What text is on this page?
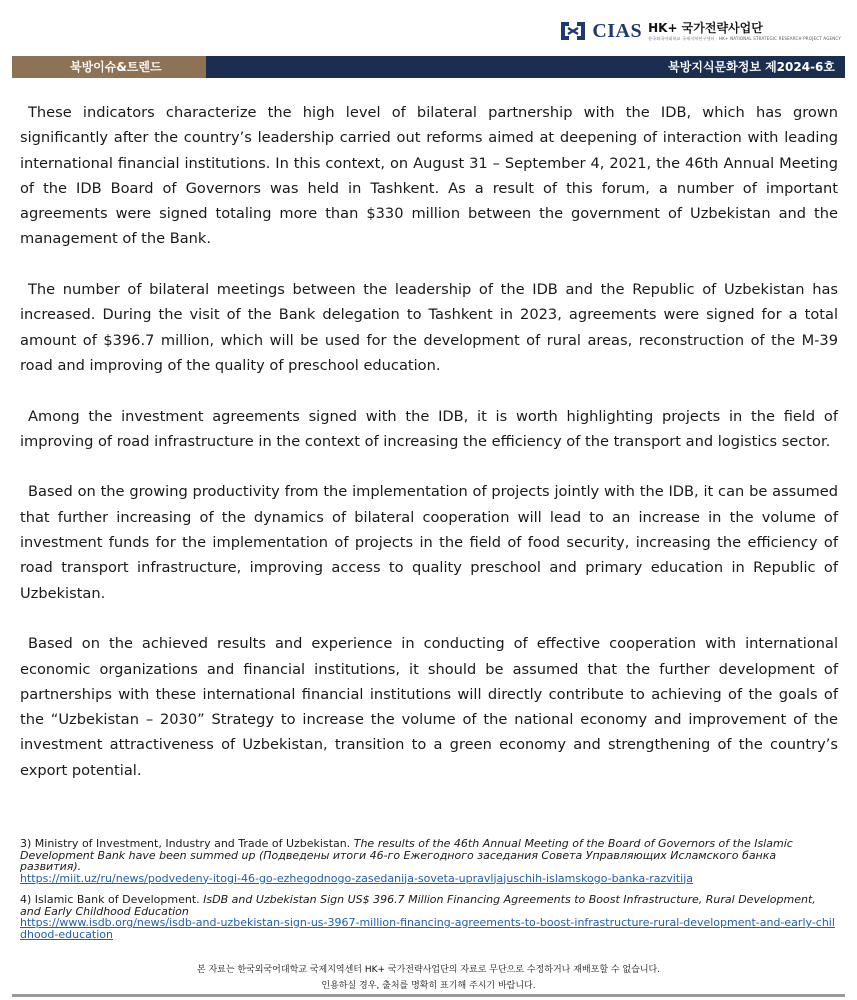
CIAS HK+ 국가전략사업단
한국외국어대학교 국제지역연구센터 · HK+ NATIONAL STRATEGIC RESEARCH PROJECT AGENCY
북방이슈&트렌드	북방지식문화정보 제2024-6호

These indicators characterize the high level of bilateral partnership with the IDB, which has grown significantly after the country’s leadership carried out reforms aimed at deepening of interaction with leading international financial institutions. In this context, on August 31 – September 4, 2021, the 46th Annual Meeting of the IDB Board of Governors was held in Tashkent. As a result of this forum, a number of important agreements were signed totaling more than $330 million between the government of Uzbekistan and the management of the Bank.

The number of bilateral meetings between the leadership of the IDB and the Republic of Uzbekistan has increased. During the visit of the Bank delegation to Tashkent in 2023, agreements were signed for a total amount of $396.7 million, which will be used for the development of rural areas, reconstruction of the M-39 road and improving of the quality of preschool education.

Among the investment agreements signed with the IDB, it is worth highlighting projects in the field of improving of road infrastructure in the context of increasing the efficiency of the transport and logistics sector.

Based on the growing productivity from the implementation of projects jointly with the IDB, it can be assumed that further increasing of the dynamics of bilateral cooperation will lead to an increase in the volume of investment funds for the implementation of projects in the field of food security, increasing the efficiency of road transport infrastructure, improving access to quality preschool and primary education in Republic of Uzbekistan.

Based on the achieved results and experience in conducting of effective cooperation with international economic organizations and financial institutions, it should be assumed that the further development of partnerships with these international financial institutions will directly contribute to achieving of the goals of the “Uzbekistan – 2030” Strategy to increase the volume of the national economy and improvement of the investment attractiveness of Uzbekistan, transition to a green economy and strengthening of the country’s export potential.

3) Ministry of Investment, Industry and Trade of Uzbekistan. The results of the 46th Annual Meeting of the Board of Governors of the Islamic Development Bank have been summed up (Подведены итоги 46-го Ежегодного заседания Совета Управляющих Исламского банка развития).
https://miit.uz/ru/news/podvedeny-itogi-46-go-ezhegodnogo-zasedanija-soveta-upravljajuschih-islamskogo-banka-razvitija
4) Islamic Bank of Development. IsDB and Uzbekistan Sign US$ 396.7 Million Financing Agreements to Boost Infrastructure, Rural Development, and Early Childhood Education
https://www.isdb.org/news/isdb-and-uzbekistan-sign-us-3967-million-financing-agreements-to-boost-infrastructure-rural-development-and-early-childhood-education
본 자료는 한국외국어대학교 국제지역센터 HK+ 국가전략사업단의 자료로 무단으로 수정하거나 재배포할 수 없습니다.
인용하실 경우, 출처를 명확히 표기해 주시기 바랍니다.
